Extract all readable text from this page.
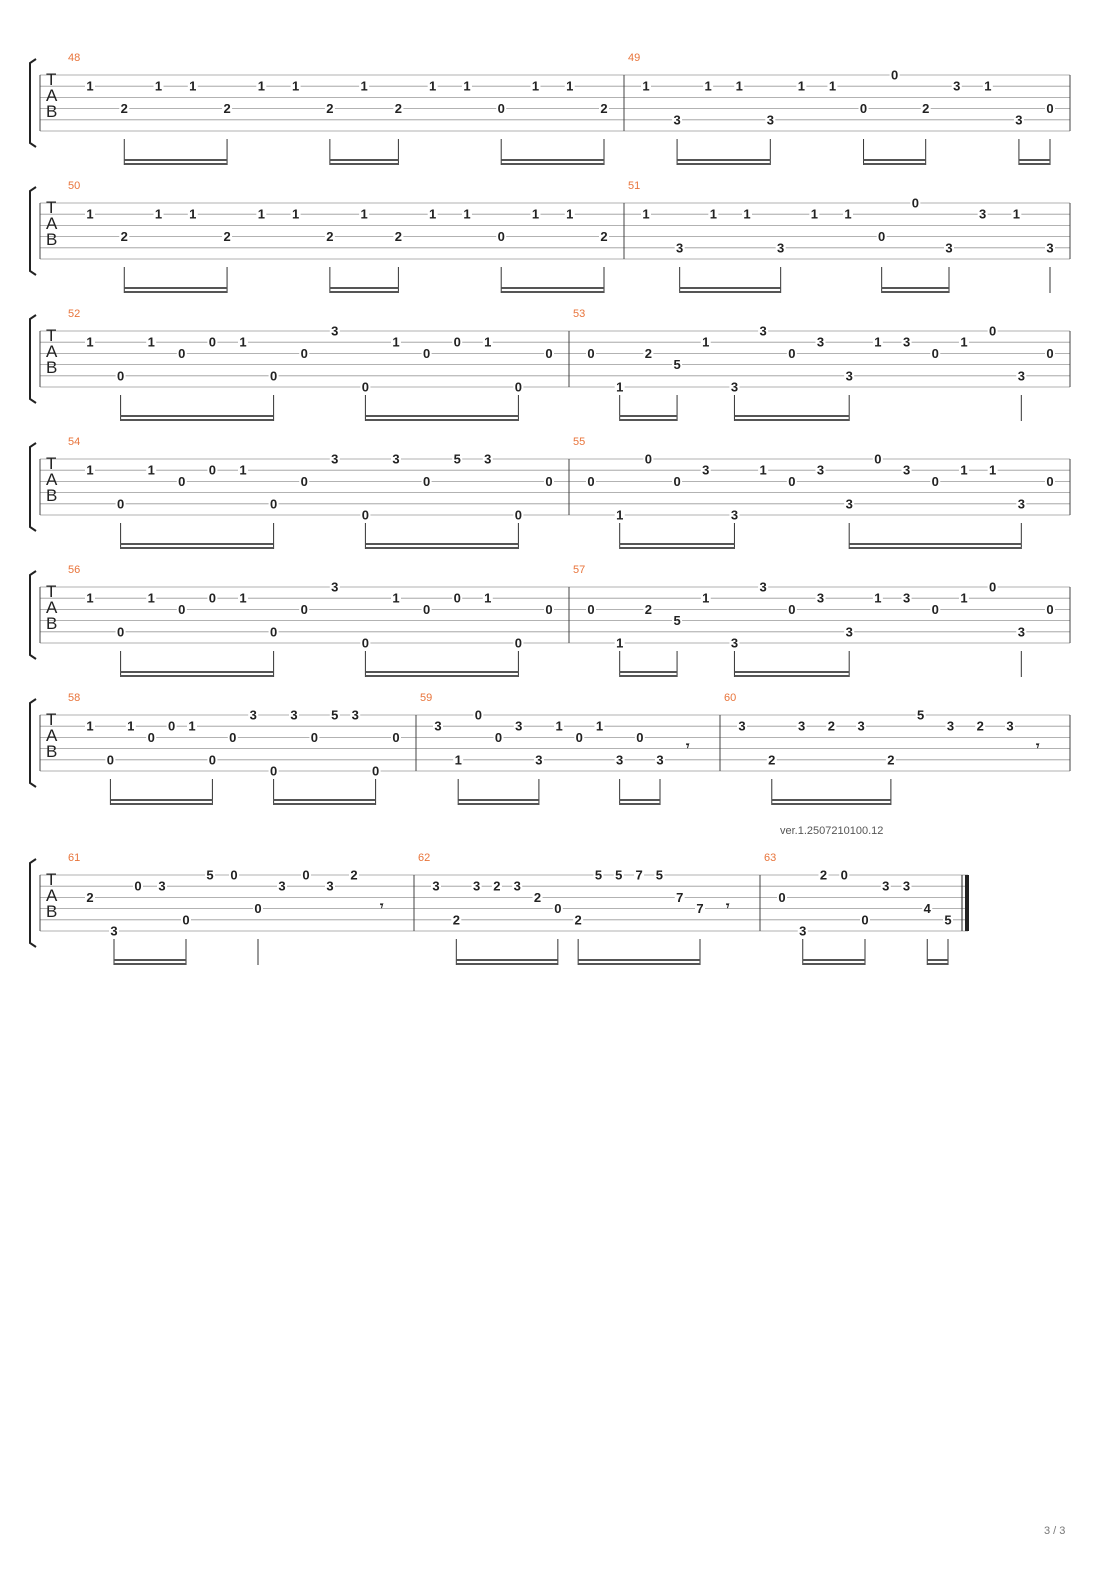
T
A
B
48
1
2
1 1
2
1 1
2
1
2
1 1
0
1 1
2
49
1
3
1 1
3
1 1
0
0
2
3 1
3
0
T
A
B
50
1
2
1 1
2
1 1
2
1
2
1 1
0
1 1
2
51
1
3
1 1
3
1 1
0
0
3
3 1
3
T
A
B
52
1
0
1
0
0 1
0
0
3
0
1
0
0 1
0
0
53
0
1
2
5
1
3
3
0
3
3
1 3
0
1
0
3
0
T
A
B
54
1
0
1
0
0 1
0
0
3
0
3
0
5 3
0
0
55
0
1
0
0
3
3
1
0
3
3
0
3
0
1 1
3
0
T
A
B
56
1
0
1
0
0 1
0
0
3
0
1
0
0 1
0
0
57
0
1
2
5
1
3
3
0
3
3
1 3
0
1
0
3
0
T
A
B
58
1
0
1
0
0 1
0
0
3
0
3
0
5 3
0
0
59
3
1
0
0
3
3
1
0
1
3
0
3
𝄾
60
3
2
3 2 3
2
5
3 2 3
𝄾
T
A
B
61
2
3
0 3
0
5 0
0
3
0
3
2
𝄾
62
3
2
3 2 3
2
0
2
5 5 7 5
7
7 𝄾
63
0
3
2 0
0
3 3
4
5
ver.1.2507210100.12
3 / 3
